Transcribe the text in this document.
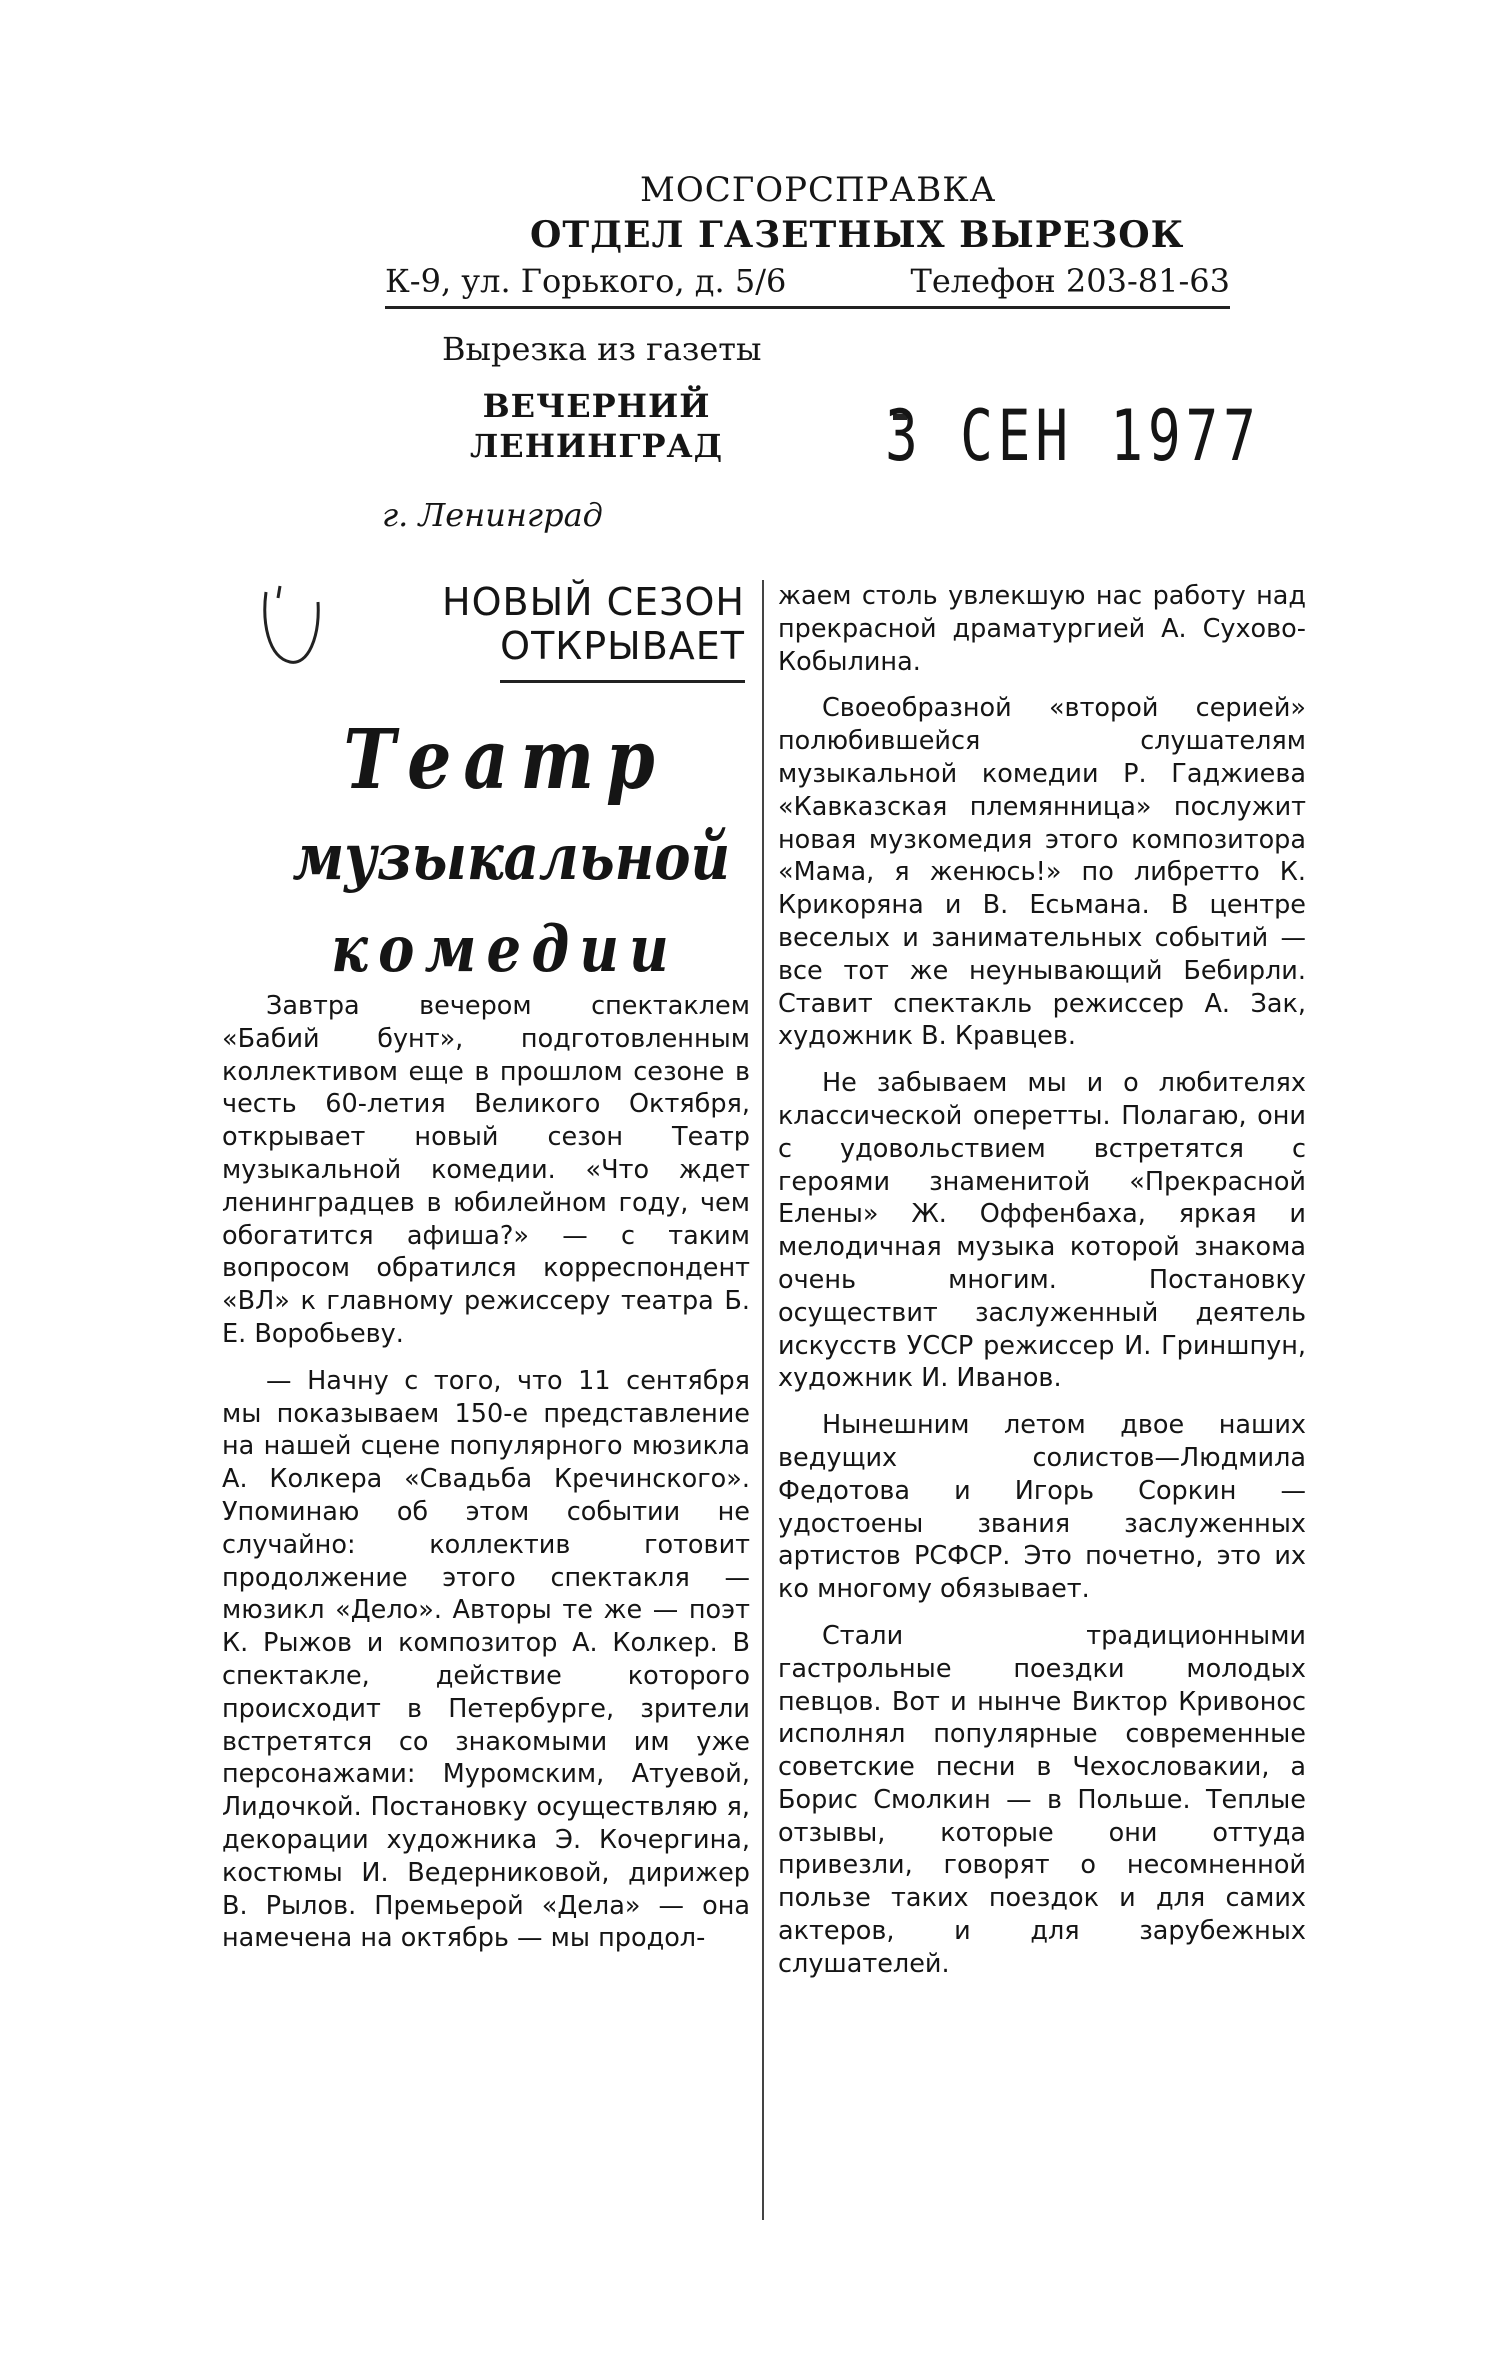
МОСГОРСПРАВКА
ОТДЕЛ ГАЗЕТНЫХ ВЫРЕЗОК
К-9, ул. Горького, д. 5/6	Телефон 203-81-63
Вырезка из газеты
ВЕЧЕРНИЙ
ЛЕНИНГРАД
г. Ленинград
3 СЕН 1977
НОВЫЙ СЕЗОН
ОТКРЫВАЕТ
Театр
музыкальной
комедии

Завтра вечером спектаклем «Бабий бунт», подготовленным коллективом еще в прошлом сезоне в честь 60-летия Великого Октября, открывает новый сезон Театр музыкальной комедии. «Что ждет ленинградцев в юбилейном году, чем обогатится афиша?» — с таким вопросом обратился корреспондент «ВЛ» к главному режиссеру театра Б. Е. Воробьеву.

— Начну с того, что 11 сентября мы показываем 150-е представление на нашей сцене популярного мюзикла А. Колкера «Свадьба Кречинского». Упоминаю об этом событии не случайно: коллектив готовит продолжение этого спектакля — мюзикл «Дело». Авторы те же — поэт К. Рыжов и композитор А. Колкер. В спектакле, действие которого происходит в Петербурге, зрители встретятся со знакомыми им уже персонажами: Муромским, Атуевой, Лидочкой. Постановку осуществляю я, декорации художника Э. Кочергина, костюмы И. Ведерниковой, дирижер В. Рылов. Премьерой «Дела» — она намечена на октябрь — мы продол-

жаем столь увлекшую нас работу над прекрасной драматургией А. Сухово-Кобылина.

Своеобразной «второй серией» полюбившейся слушателям музыкальной комедии Р. Гаджиева «Кавказская племянница» послужит новая музкомедия этого композитора «Мама, я женюсь!» по либретто К. Крикоряна и В. Есьмана. В центре веселых и занимательных событий — все тот же неунывающий Бебирли. Ставит спектакль режиссер А. Зак, художник В. Кравцев.

Не забываем мы и о любителях классической оперетты. Полагаю, они с удовольствием встретятся с героями знаменитой «Прекрасной Елены» Ж. Оффенбаха, яркая и мелодичная музыка которой знакома очень многим. Постановку осуществит заслуженный деятель искусств УССР режиссер И. Гриншпун, художник И. Иванов.

Нынешним летом двое наших ведущих солистов—Людмила Федотова и Игорь Соркин — удостоены звания заслуженных артистов РСФСР. Это почетно, это их ко многому обязывает.

Стали традиционными гастрольные поездки молодых певцов. Вот и нынче Виктор Кривонос исполнял популярные современные советские песни в Чехословакии, а Борис Смолкин — в Польше. Теплые отзывы, которые они оттуда привезли, говорят о несомненной пользе таких поездок и для самих актеров, и для зарубежных слушателей.
